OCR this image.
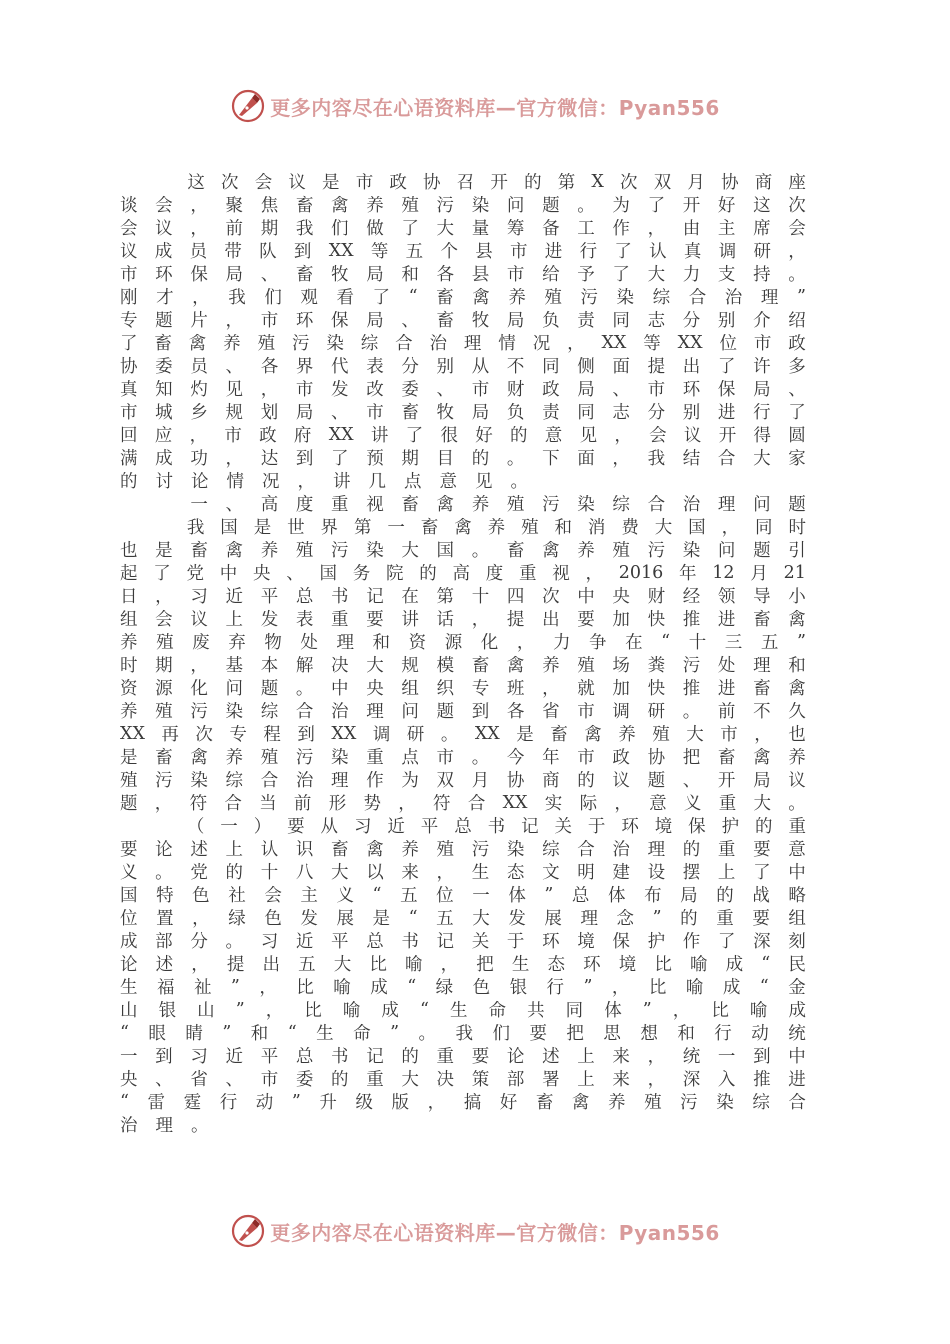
更多内容尽在心语资料库—官方微信：Pyan556

这 次 会 议 是 市 政 协 召 开 的 第 X 次 双 月 协 商 座
谈 会 ， 聚 焦 畜 禽 养 殖 污 染 问 题 。 为 了 开 好 这 次
会 议 ， 前 期 我 们 做 了 大 量 筹 备 工 作 ， 由 主 席 会
议 成 员 带 队 到 XX 等 五 个 县 市 进 行 了 认 真 调 研 ，
市 环 保 局 、 畜 牧 局 和 各 县 市 给 予 了 大 力 支 持 。
刚 才 ， 我 们 观 看 了 “ 畜 禽 养 殖 污 染 综 合 治 理 ”
专 题 片 ， 市 环 保 局 、 畜 牧 局 负 责 同 志 分 别 介 绍
了 畜 禽 养 殖 污 染 综 合 治 理 情 况 ， XX 等 XX 位 市 政
协 委 员 、 各 界 代 表 分 别 从 不 同 侧 面 提 出 了 许 多
真 知 灼 见 ， 市 发 改 委 、 市 财 政 局 、 市 环 保 局 、
市 城 乡 规 划 局 、 市 畜 牧 局 负 责 同 志 分 别 进 行 了
回 应 ， 市 政 府 XX 讲 了 很 好 的 意 见 ， 会 议 开 得 圆
满 成 功 ， 达 到 了 预 期 目 的 。 下 面 ， 我 结 合 大 家
的 讨 论 情 况 ， 讲 几 点 意 见 。

一 、 高 度 重 视 畜 禽 养 殖 污 染 综 合 治 理 问 题

我 国 是 世 界 第 一 畜 禽 养 殖 和 消 费 大 国 ， 同 时
也 是 畜 禽 养 殖 污 染 大 国 。 畜 禽 养 殖 污 染 问 题 引
起 了 党 中 央 、 国 务 院 的 高 度 重 视 ， 2016 年 12 月 21
日 ， 习 近 平 总 书 记 在 第 十 四 次 中 央 财 经 领 导 小
组 会 议 上 发 表 重 要 讲 话 ， 提 出 要 加 快 推 进 畜 禽
养 殖 废 弃 物 处 理 和 资 源 化 ， 力 争 在 “ 十 三 五 ”
时 期 ， 基 本 解 决 大 规 模 畜 禽 养 殖 场 粪 污 处 理 和
资 源 化 问 题 。 中 央 组 织 专 班 ， 就 加 快 推 进 畜 禽
养 殖 污 染 综 合 治 理 问 题 到 各 省 市 调 研 。 前 不 久
XX 再 次 专 程 到 XX 调 研 。 XX 是 畜 禽 养 殖 大 市 ， 也
是 畜 禽 养 殖 污 染 重 点 市 。 今 年 市 政 协 把 畜 禽 养
殖 污 染 综 合 治 理 作 为 双 月 协 商 的 议 题 、 开 局 议
题 ， 符 合 当 前 形 势 ， 符 合 XX 实 际 ， 意 义 重 大 。

（ 一 ） 要 从 习 近 平 总 书 记 关 于 环 境 保 护 的 重
要 论 述 上 认 识 畜 禽 养 殖 污 染 综 合 治 理 的 重 要 意
义 。 党 的 十 八 大 以 来 ， 生 态 文 明 建 设 摆 上 了 中
国 特 色 社 会 主 义 “ 五 位 一 体 ” 总 体 布 局 的 战 略
位 置 ， 绿 色 发 展 是 “ 五 大 发 展 理 念 ” 的 重 要 组
成 部 分 。 习 近 平 总 书 记 关 于 环 境 保 护 作 了 深 刻
论 述 ， 提 出 五 大 比 喻 ， 把 生 态 环 境 比 喻 成 “ 民
生 福 祉 ” ， 比 喻 成 “ 绿 色 银 行 ” ， 比 喻 成 “ 金
山 银 山 ” ， 比 喻 成 “ 生 命 共 同 体 ” ， 比 喻 成
“ 眼 睛 ” 和 “ 生 命 ” 。 我 们 要 把 思 想 和 行 动 统
一 到 习 近 平 总 书 记 的 重 要 论 述 上 来 ， 统 一 到 中
央 、 省 、 市 委 的 重 大 决 策 部 署 上 来 ， 深 入 推 进
“ 雷 霆 行 动 ” 升 级 版 ， 搞 好 畜 禽 养 殖 污 染 综 合
治 理 。
更多内容尽在心语资料库—官方微信：Pyan556
